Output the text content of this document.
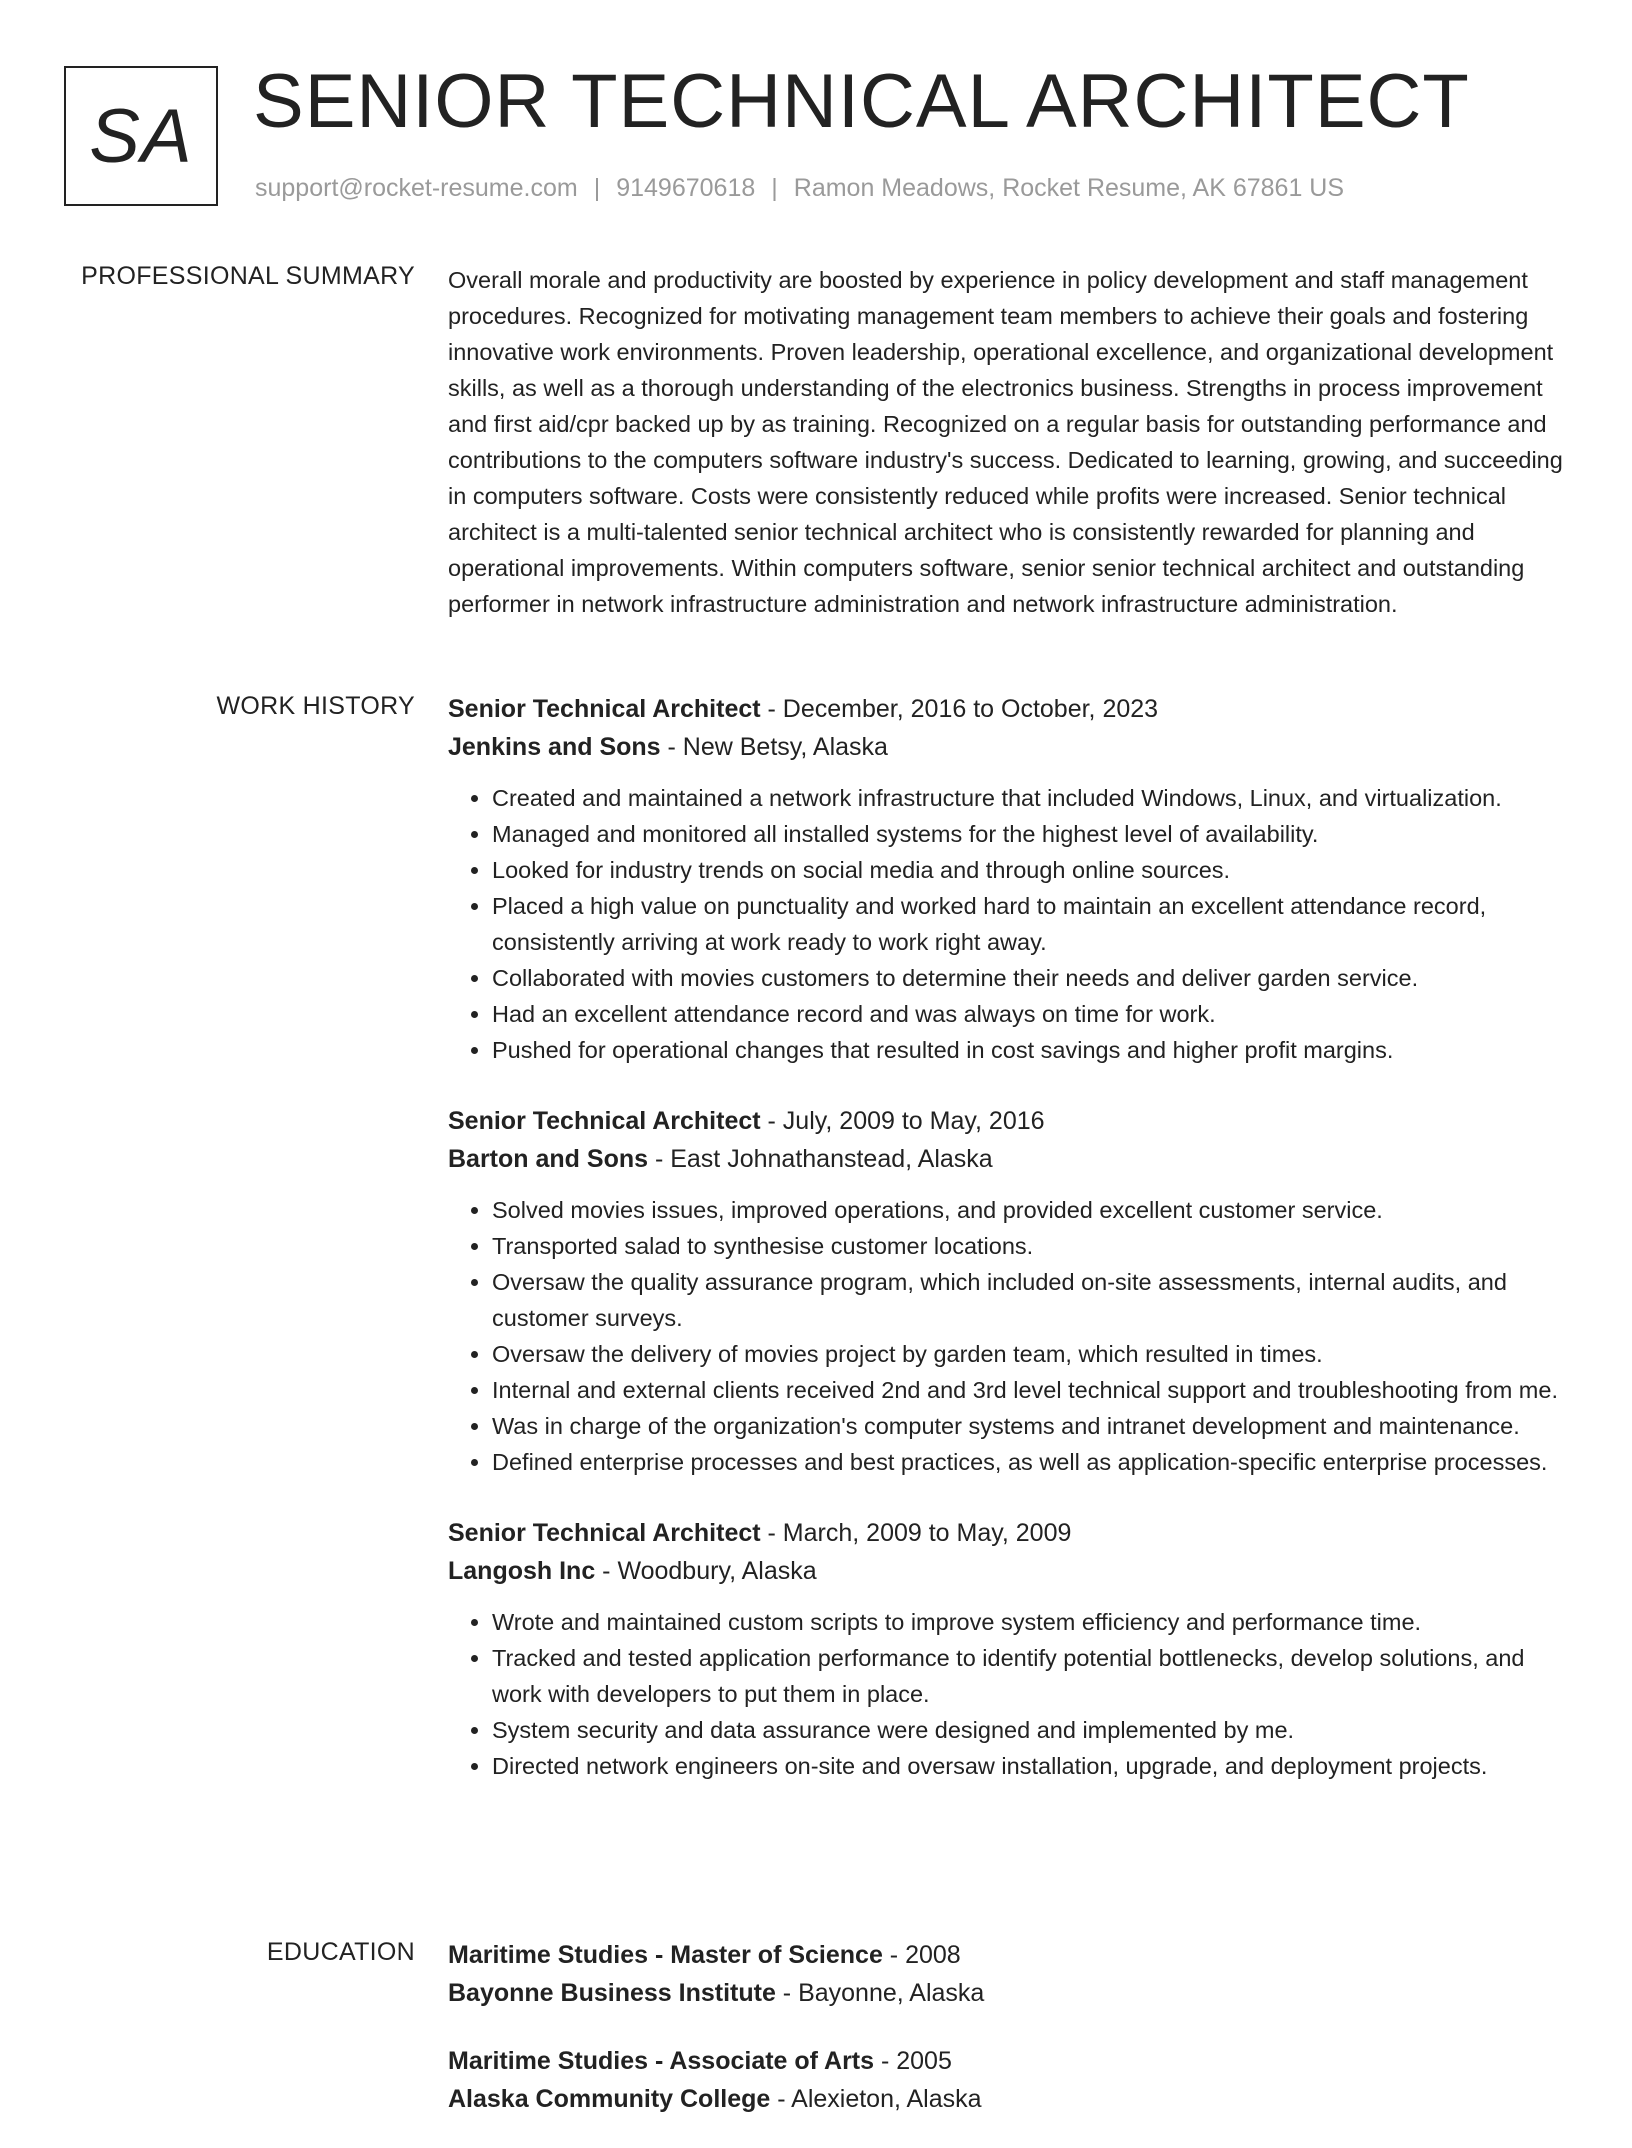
SA SENIOR TECHNICAL ARCHITECT
support@rocket-resume.com | 9149670618 | Ramon Meadows, Rocket Resume, AK 67861 US
PROFESSIONAL SUMMARY Overall morale and productivity are boosted by experience in policy development and staff management procedures. Recognized for motivating management team members to achieve their goals and fostering innovative work environments. Proven leadership, operational excellence, and organizational development skills, as well as a thorough understanding of the electronics business. Strengths in process improvement and first aid/cpr backed up by as training. Recognized on a regular basis for outstanding performance and contributions to the computers software industry's success. Dedicated to learning, growing, and succeeding in computers software. Costs were consistently reduced while profits were increased. Senior technical architect is a multi-talented senior technical architect who is consistently rewarded for planning and operational improvements. Within computers software, senior senior technical architect and outstanding performer in network infrastructure administration and network infrastructure administration.

WORK HISTORY Senior Technical Architect - December, 2016 to October, 2023
Jenkins and Sons - New Betsy, Alaska
• Created and maintained a network infrastructure that included Windows, Linux, and virtualization.
• Managed and monitored all installed systems for the highest level of availability.
• Looked for industry trends on social media and through online sources.
• Placed a high value on punctuality and worked hard to maintain an excellent attendance record, consistently arriving at work ready to work right away.
• Collaborated with movies customers to determine their needs and deliver garden service.
• Had an excellent attendance record and was always on time for work.
• Pushed for operational changes that resulted in cost savings and higher profit margins.
Senior Technical Architect - July, 2009 to May, 2016
Barton and Sons - East Johnathanstead, Alaska
• Solved movies issues, improved operations, and provided excellent customer service.
• Transported salad to synthesise customer locations.
• Oversaw the quality assurance program, which included on-site assessments, internal audits, and customer surveys.
• Oversaw the delivery of movies project by garden team, which resulted in times.
• Internal and external clients received 2nd and 3rd level technical support and troubleshooting from me.
• Was in charge of the organization's computer systems and intranet development and maintenance.
• Defined enterprise processes and best practices, as well as application-specific enterprise processes.
Senior Technical Architect - March, 2009 to May, 2009
Langosh Inc - Woodbury, Alaska
• Wrote and maintained custom scripts to improve system efficiency and performance time.
• Tracked and tested application performance to identify potential bottlenecks, develop solutions, and work with developers to put them in place.
• System security and data assurance were designed and implemented by me.
• Directed network engineers on-site and oversaw installation, upgrade, and deployment projects.
EDUCATION Maritime Studies - Master of Science - 2008
Bayonne Business Institute - Bayonne, Alaska
Maritime Studies - Associate of Arts - 2005
Alaska Community College - Alexieton, Alaska
